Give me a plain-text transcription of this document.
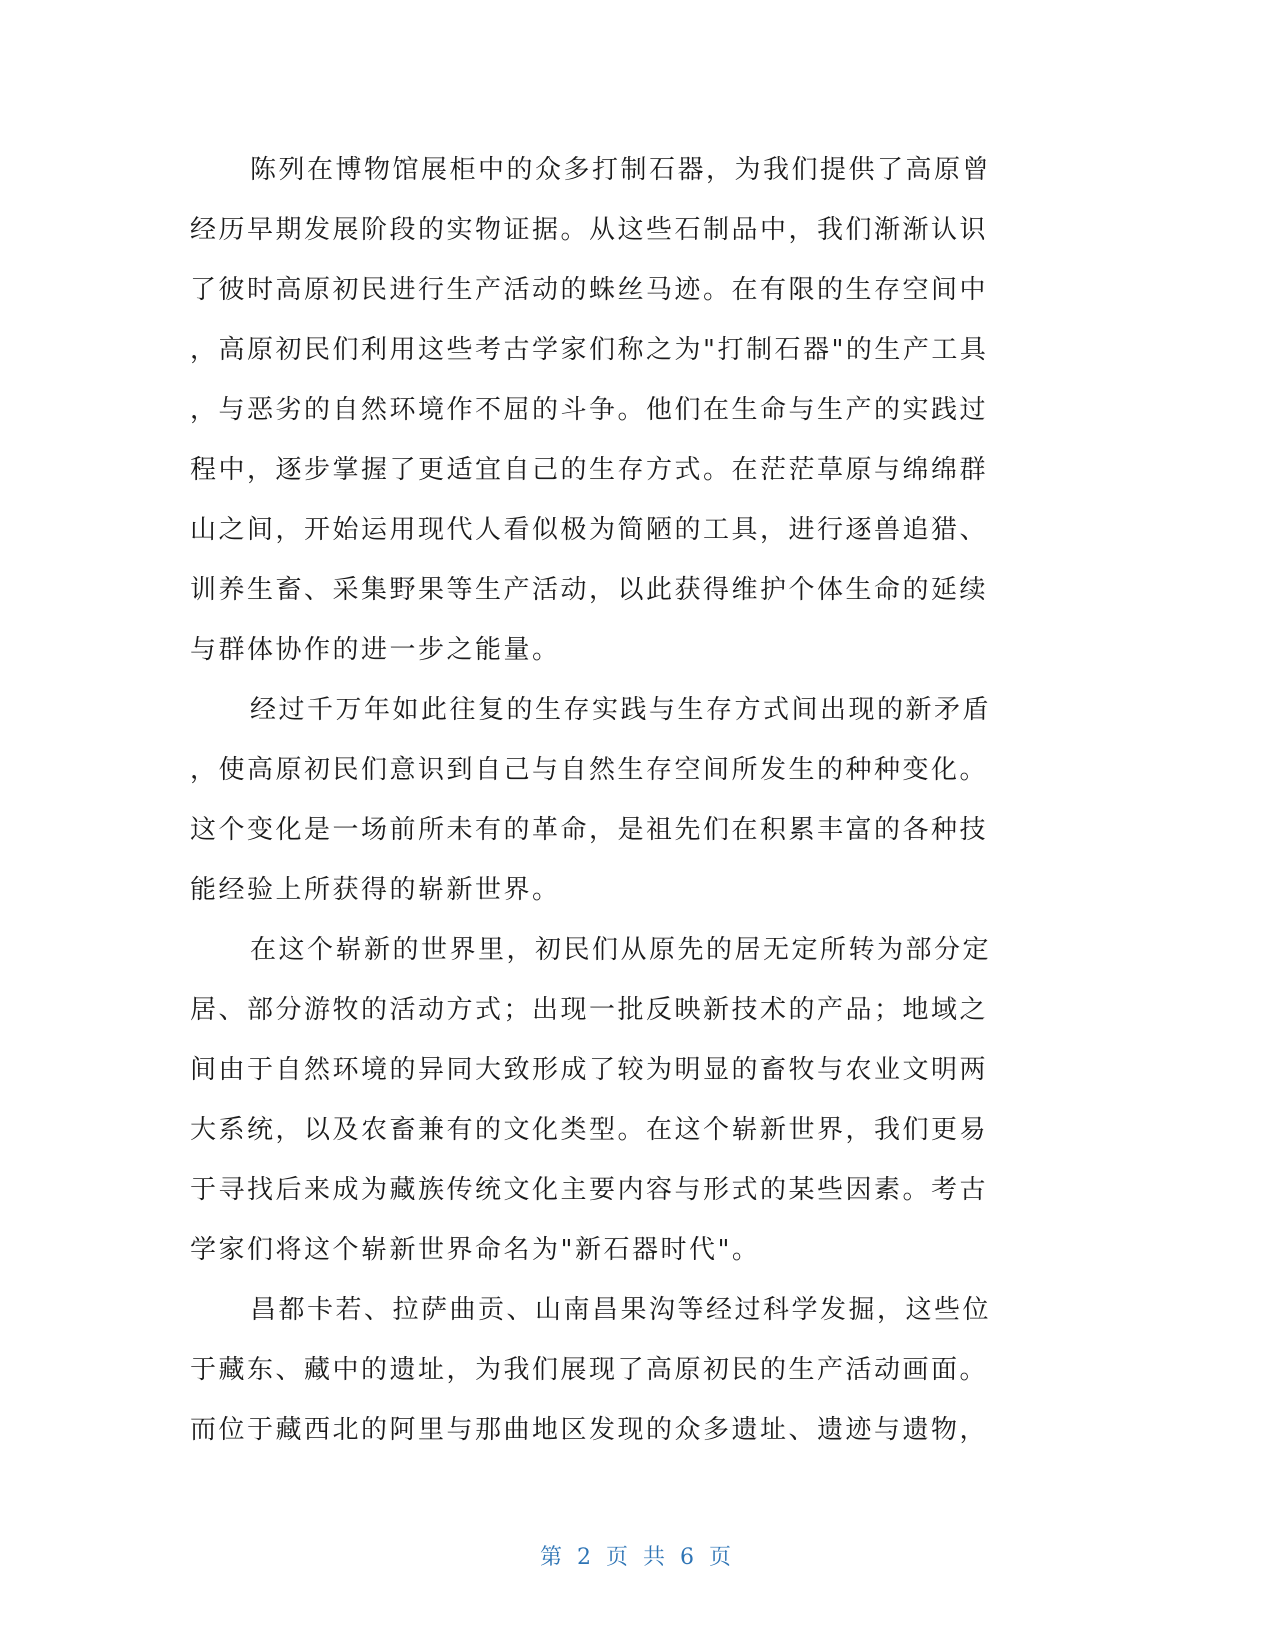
陈列在博物馆展柜中的众多打制石器，为我们提供了高原曾
经历早期发展阶段的实物证据。从这些石制品中，我们渐渐认识
了彼时高原初民进行生产活动的蛛丝马迹。在有限的生存空间中
，高原初民们利用这些考古学家们称之为"打制石器"的生产工具
，与恶劣的自然环境作不屈的斗争。他们在生命与生产的实践过
程中，逐步掌握了更适宜自己的生存方式。在茫茫草原与绵绵群
山之间，开始运用现代人看似极为简陋的工具，进行逐兽追猎、
训养生畜、采集野果等生产活动，以此获得维护个体生命的延续
与群体协作的进一步之能量。
经过千万年如此往复的生存实践与生存方式间出现的新矛盾
，使高原初民们意识到自己与自然生存空间所发生的种种变化。
这个变化是一场前所未有的革命，是祖先们在积累丰富的各种技
能经验上所获得的崭新世界。
在这个崭新的世界里，初民们从原先的居无定所转为部分定
居、部分游牧的活动方式；出现一批反映新技术的产品；地域之
间由于自然环境的异同大致形成了较为明显的畜牧与农业文明两
大系统，以及农畜兼有的文化类型。在这个崭新世界，我们更易
于寻找后来成为藏族传统文化主要内容与形式的某些因素。考古
学家们将这个崭新世界命名为"新石器时代"。
昌都卡若、拉萨曲贡、山南昌果沟等经过科学发掘，这些位
于藏东、藏中的遗址，为我们展现了高原初民的生产活动画面。
而位于藏西北的阿里与那曲地区发现的众多遗址、遗迹与遗物，
第 2 页 共 6 页
